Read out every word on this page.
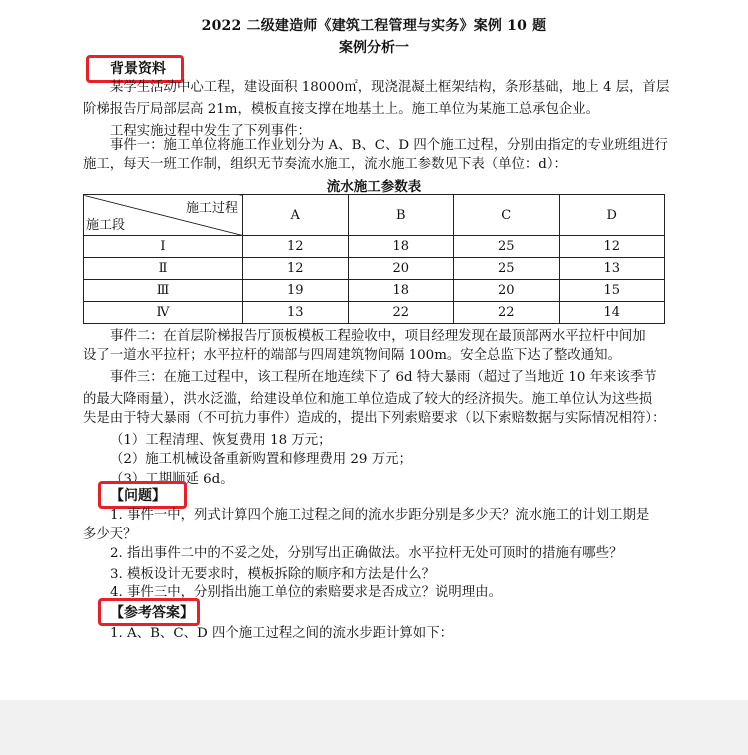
2022 二级建造师《建筑工程管理与实务》案例 10 题
案例分析一
背景资料
某学生活动中心工程，建设面积 18000㎡，现浇混凝土框架结构，条形基础，地上 4 层，首层
阶梯报告厅局部层高 21m，模板直接支撑在地基土上。施工单位为某施工总承包企业。
工程实施过程中发生了下列事件：
事件一：施工单位将施工作业划分为 A、B、C、D 四个施工过程，分别由指定的专业班组进行
施工，每天一班工作制，组织无节奏流水施工，流水施工参数见下表（单位：d）：
流水施工参数表
施工过程
施工段	A	B	C	D
Ⅰ	12	18	25	12
Ⅱ	12	20	25	13
Ⅲ	19	18	20	15
Ⅳ	13	22	22	14
事件二：在首层阶梯报告厅顶板模板工程验收中，项目经理发现在最顶部两水平拉杆中间加
设了一道水平拉杆；水平拉杆的端部与四周建筑物间隔 100m。安全总监下达了整改通知。
事件三：在施工过程中，该工程所在地连续下了 6d 特大暴雨（超过了当地近 10 年来该季节
的最大降雨量），洪水泛滥，给建设单位和施工单位造成了较大的经济损失。施工单位认为这些损
失是由于特大暴雨（不可抗力事件）造成的，提出下列索赔要求（以下索赔数据与实际情况相符）：
（1）工程清理、恢复费用 18 万元；
（2）施工机械设备重新购置和修理费用 29 万元；
（3）工期顺延 6d。
【问题】
1. 事件一中，列式计算四个施工过程之间的流水步距分别是多少天？流水施工的计划工期是
多少天？
2. 指出事件二中的不妥之处，分别写出正确做法。水平拉杆无处可顶时的措施有哪些？
3. 模板设计无要求时，模板拆除的顺序和方法是什么？
4. 事件三中，分别指出施工单位的索赔要求是否成立？说明理由。
【参考答案】
1. A、B、C、D 四个施工过程之间的流水步距计算如下：
